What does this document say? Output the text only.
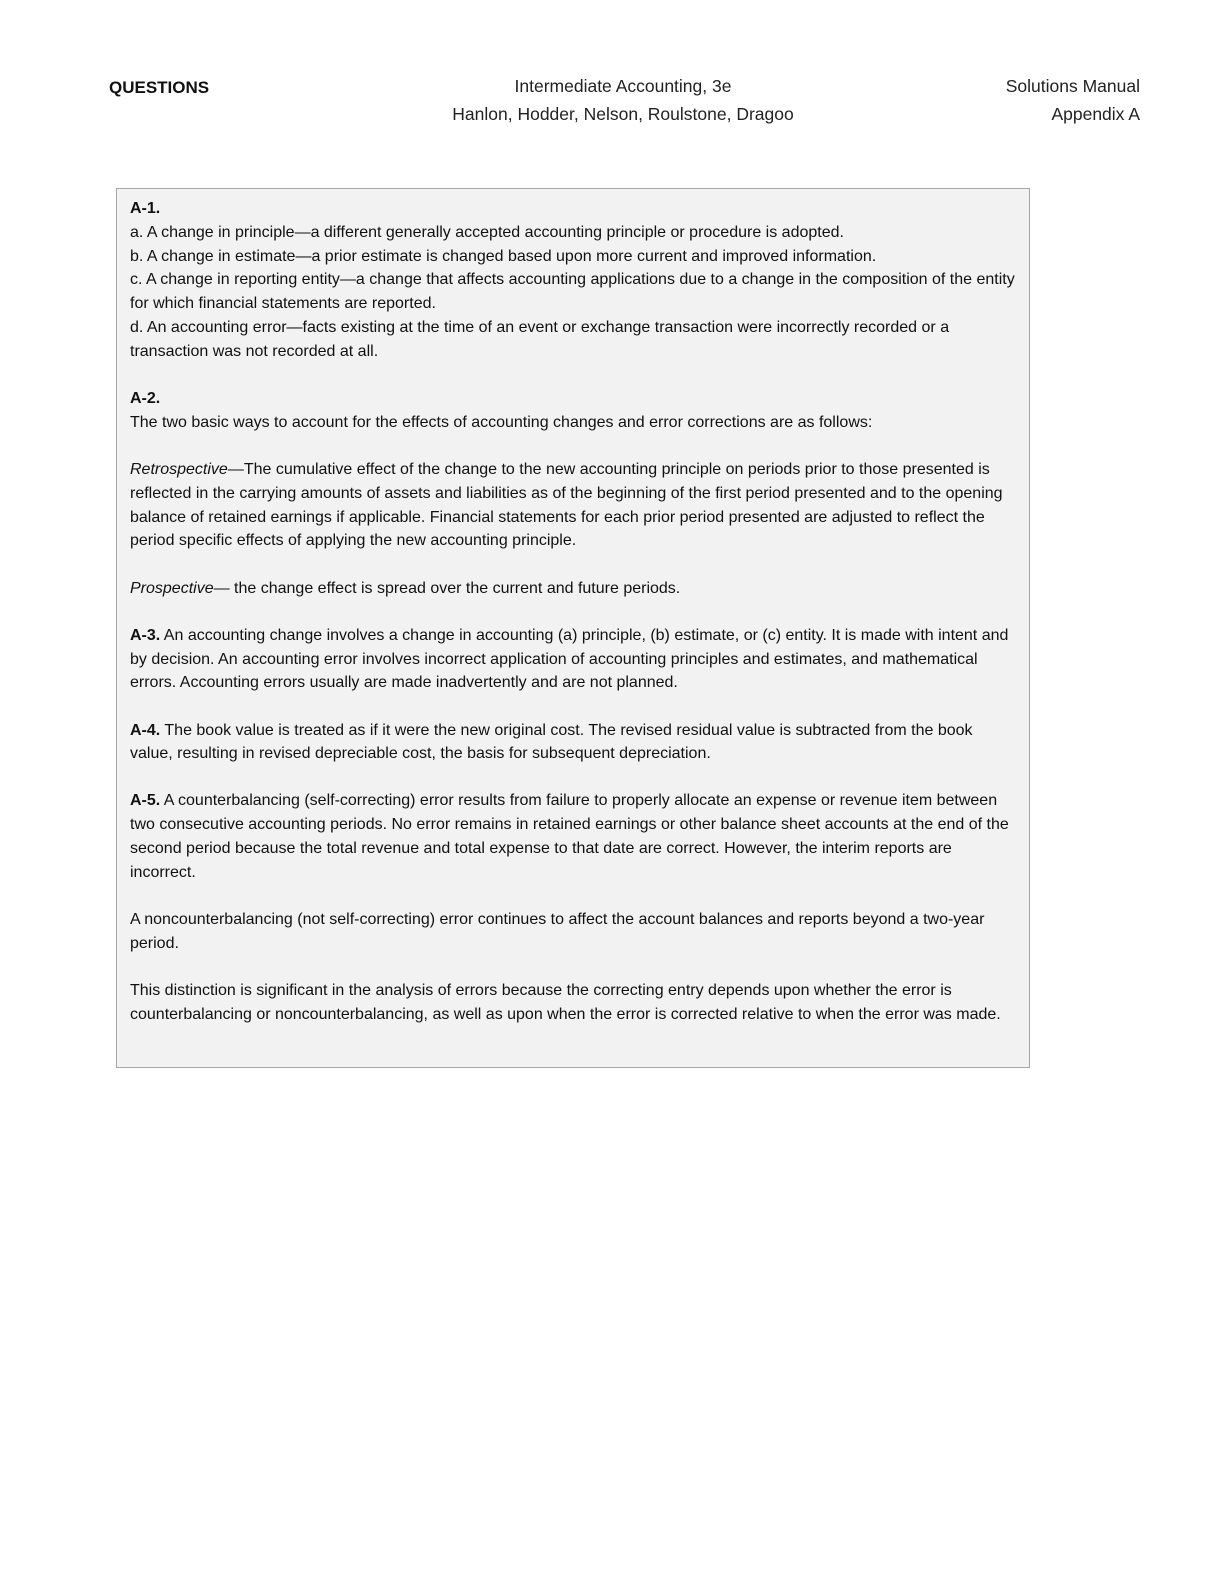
QUESTIONS	Intermediate Accounting, 3e
Hanlon, Hodder, Nelson, Roulstone, Dragoo
Solutions Manual
Appendix A

A-1.

a. A change in principle—a different generally accepted accounting principle or procedure is adopted.

b. A change in estimate—a prior estimate is changed based upon more current and improved information.

c. A change in reporting entity—a change that affects accounting applications due to a change in the composition of the entity for which financial statements are reported.

d. An accounting error—facts existing at the time of an event or exchange transaction were incorrectly recorded or a transaction was not recorded at all.

A-2.

The two basic ways to account for the effects of accounting changes and error corrections are as follows:

Retrospective—The cumulative effect of the change to the new accounting principle on periods prior to those presented is reflected in the carrying amounts of assets and liabilities as of the beginning of the first period presented and to the opening balance of retained earnings if applicable. Financial statements for each prior period presented are adjusted to reflect the period specific effects of applying the new accounting principle.

Prospective— the change effect is spread over the current and future periods.

A-3. An accounting change involves a change in accounting (a) principle, (b) estimate, or (c) entity. It is made with intent and by decision. An accounting error involves incorrect application of accounting principles and estimates, and mathematical errors. Accounting errors usually are made inadvertently and are not planned.

A-4. The book value is treated as if it were the new original cost. The revised residual value is subtracted from the book value, resulting in revised depreciable cost, the basis for subsequent depreciation.

A-5. A counterbalancing (self-correcting) error results from failure to properly allocate an expense or revenue item between two consecutive accounting periods. No error remains in retained earnings or other balance sheet accounts at the end of the second period because the total revenue and total expense to that date are correct. However, the interim reports are incorrect.

A noncounterbalancing (not self-correcting) error continues to affect the account balances and reports beyond a two-year period.

This distinction is significant in the analysis of errors because the correcting entry depends upon whether the error is counterbalancing or noncounterbalancing, as well as upon when the error is corrected relative to when the error was made.
